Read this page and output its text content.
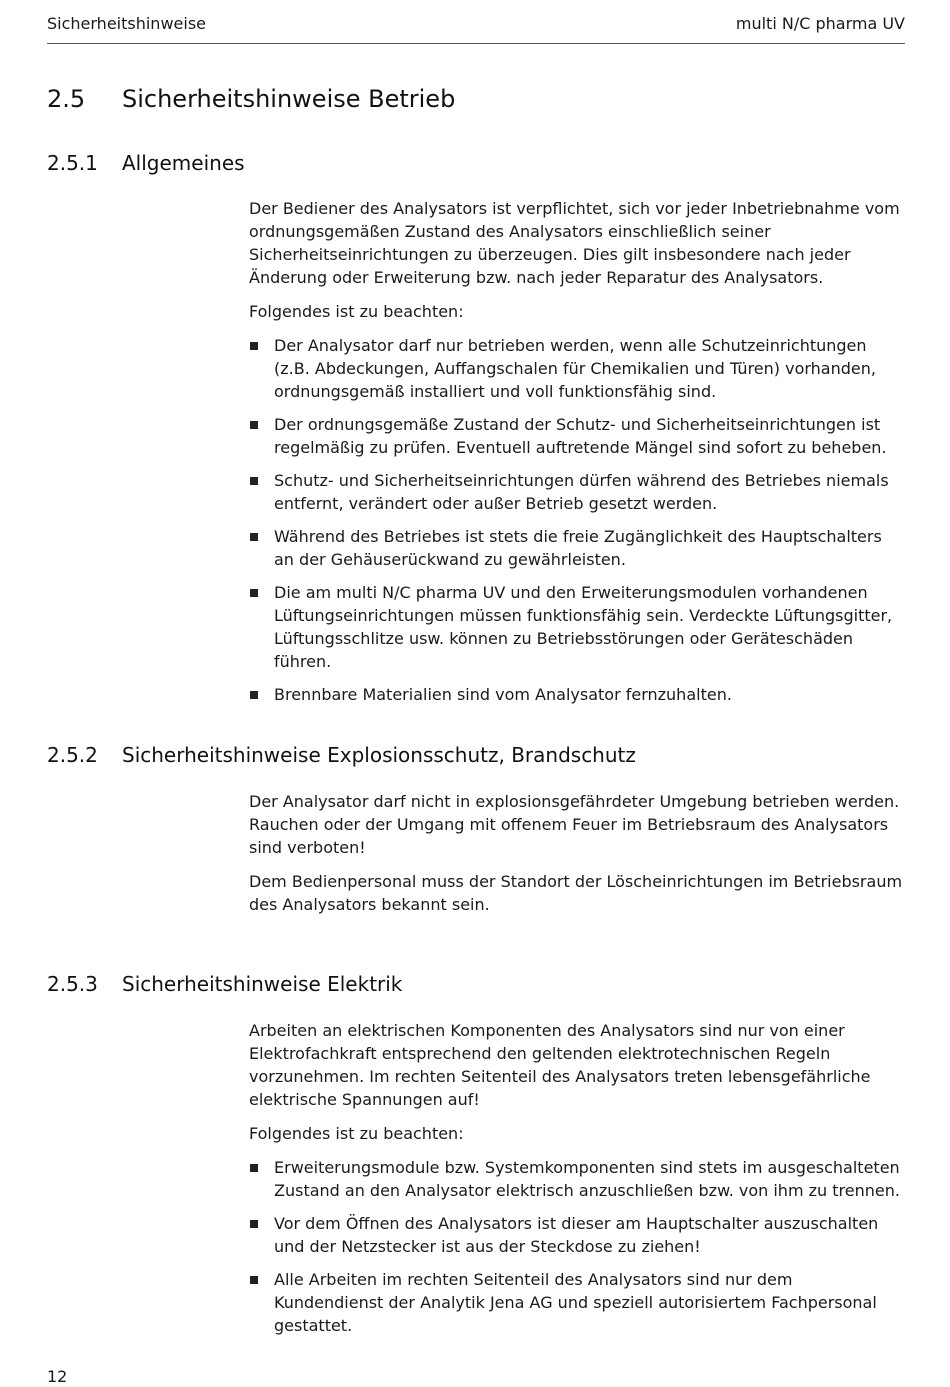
Sicherheitshinweise	multi N/C pharma UV
2.5 Sicherheitshinweise Betrieb
2.5.1 Allgemeines

Der Bediener des Analysators ist verpflichtet, sich vor jeder Inbetriebnahme vom ordnungsgemäßen Zustand des Analysators einschließlich seiner Sicherheitseinrichtungen zu überzeugen. Dies gilt insbesondere nach jeder Änderung oder Erweiterung bzw. nach jeder Reparatur des Analysators.

Folgendes ist zu beachten:

Der Analysator darf nur betrieben werden, wenn alle Schutzeinrichtungen (z.B. Abdeckungen, Auffangschalen für Chemikalien und Türen) vorhanden, ordnungsgemäß installiert und voll funktionsfähig sind.
Der ordnungsgemäße Zustand der Schutz- und Sicherheitseinrichtungen ist regelmäßig zu prüfen. Eventuell auftretende Mängel sind sofort zu beheben.
Schutz- und Sicherheitseinrichtungen dürfen während des Betriebes niemals entfernt, verändert oder außer Betrieb gesetzt werden.
Während des Betriebes ist stets die freie Zugänglichkeit des Hauptschalters an der Gehäuserückwand zu gewährleisten.
Die am multi N/C pharma UV und den Erweiterungsmodulen vorhandenen Lüftungseinrichtungen müssen funktionsfähig sein. Verdeckte Lüftungsgitter, Lüftungsschlitze usw. können zu Betriebsstörungen oder Geräteschäden führen.
Brennbare Materialien sind vom Analysator fernzuhalten.
2.5.2 Sicherheitshinweise Explosionsschutz, Brandschutz

Der Analysator darf nicht in explosionsgefährdeter Umgebung betrieben werden. Rauchen oder der Umgang mit offenem Feuer im Betriebsraum des Analysators sind verboten!

Dem Bedienpersonal muss der Standort der Löscheinrichtungen im Betriebsraum des Analysators bekannt sein.

2.5.3 Sicherheitshinweise Elektrik

Arbeiten an elektrischen Komponenten des Analysators sind nur von einer Elektrofachkraft entsprechend den geltenden elektrotechnischen Regeln vorzunehmen. Im rechten Seitenteil des Analysators treten lebensgefährliche elektrische Spannungen auf!

Folgendes ist zu beachten:

Erweiterungsmodule bzw. Systemkomponenten sind stets im ausgeschalteten Zustand an den Analysator elektrisch anzuschließen bzw. von ihm zu trennen.
Vor dem Öffnen des Analysators ist dieser am Hauptschalter auszuschalten und der Netzstecker ist aus der Steckdose zu ziehen!
Alle Arbeiten im rechten Seitenteil des Analysators sind nur dem Kundendienst der Analytik Jena AG und speziell autorisiertem Fachpersonal gestattet.
12
